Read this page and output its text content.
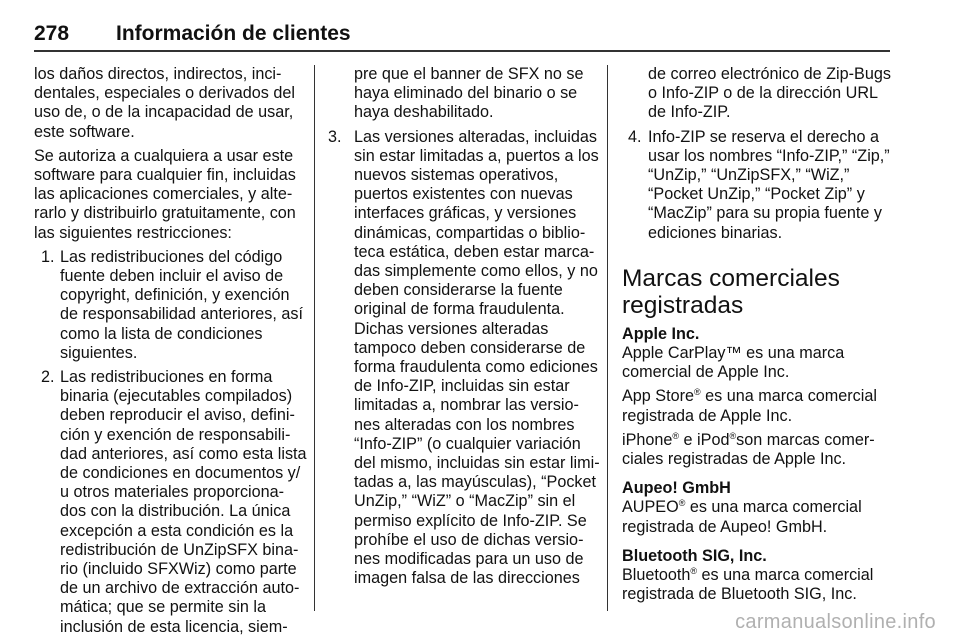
278 Información de clientes

los daños directos, indirectos, inci-
dentales, especiales o derivados del
uso de, o de la incapacidad de usar,
este software.

Se autoriza a cualquiera a usar este
software para cualquier fin, incluidas
las aplicaciones comerciales, y alte-
rarlo y distribuirlo gratuitamente, con
las siguientes restricciones:

1. Las redistribuciones del código
fuente deben incluir el aviso de
copyright, definición, y exención
de responsabilidad anteriores, así
como la lista de condiciones
siguientes.
2. Las redistribuciones en forma
binaria (ejecutables compilados)
deben reproducir el aviso, defini-
ción y exención de responsabili-
dad anteriores, así como esta lista
de condiciones en documentos y/
u otros materiales proporciona-
dos con la distribución. La única
excepción a esta condición es la
redistribución de UnZipSFX bina-
rio (incluido SFXWiz) como parte
de un archivo de extracción auto-
mática; que se permite sin la
inclusión de esta licencia, siem-
pre que el banner de SFX no se
haya eliminado del binario o se
haya deshabilitado.
3. Las versiones alteradas, incluidas
sin estar limitadas a, puertos a los
nuevos sistemas operativos,
puertos existentes con nuevas
interfaces gráficas, y versiones
dinámicas, compartidas o biblio-
teca estática, deben estar marca-
das simplemente como ellos, y no
deben considerarse la fuente
original de forma fraudulenta.
Dichas versiones alteradas
tampoco deben considerarse de
forma fraudulenta como ediciones
de Info-ZIP, incluidas sin estar
limitadas a, nombrar las versio-
nes alteradas con los nombres
“Info-ZIP” (o cualquier variación
del mismo, incluidas sin estar limi-
tadas a, las mayúsculas), “Pocket
UnZip,” “WiZ” o “MacZip” sin el
permiso explícito de Info-ZIP. Se
prohíbe el uso de dichas versio-
nes modificadas para un uso de
imagen falsa de las direcciones
de correo electrónico de Zip-Bugs
o Info-ZIP o de la dirección URL
de Info-ZIP.
4. Info-ZIP se reserva el derecho a
usar los nombres “Info-ZIP,” “Zip,”
“UnZip,” “UnZipSFX,” “WiZ,”
“Pocket UnZip,” “Pocket Zip” y
“MacZip” para su propia fuente y
ediciones binarias.
Marcas comerciales
registradas
Apple Inc.

Apple CarPlay™ es una marca
comercial de Apple Inc.

App Store® es una marca comercial
registrada de Apple Inc.

iPhone® e iPod®son marcas comer-
ciales registradas de Apple Inc.

Aupeo! GmbH

AUPEO® es una marca comercial
registrada de Aupeo! GmbH.

Bluetooth SIG, Inc.

Bluetooth® es una marca comercial
registrada de Bluetooth SIG, Inc.

carmanualsonline.info
